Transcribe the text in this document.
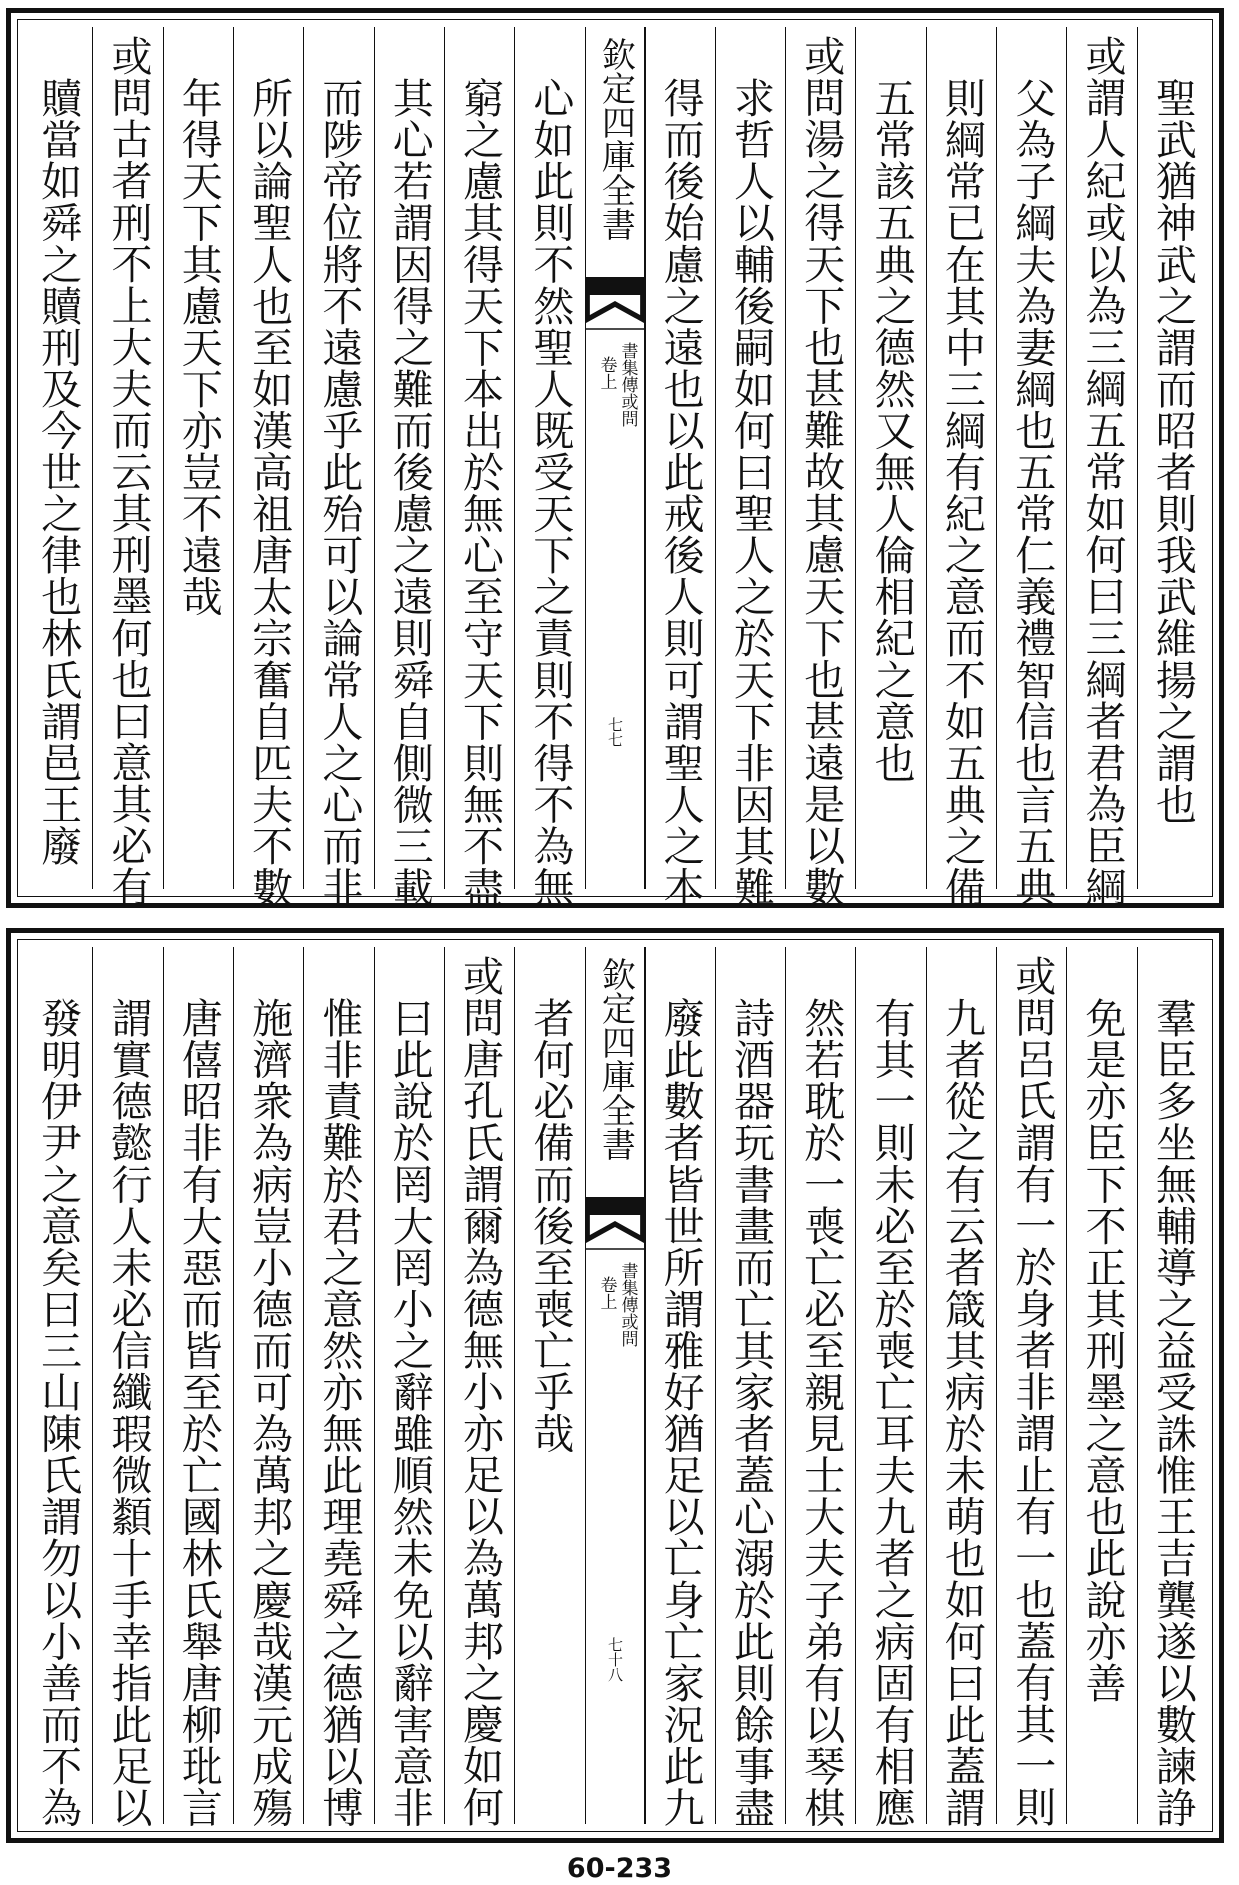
聖武猶神武之謂而昭者則我武維揚之謂也
或謂人紀或以為三綱五常如何曰三綱者君為臣綱
父為子綱夫為妻綱也五常仁義禮智信也言五典
則綱常已在其中三綱有紀之意而不如五典之備
五常該五典之德然又無人倫相紀之意也
或問湯之得天下也甚難故其慮天下也甚遠是以數
求哲人以輔後嗣如何曰聖人之於天下非因其難
得而後始慮之遠也以此戒後人則可謂聖人之本
欽定四庫全書
書集傳或問
卷上
七七
心如此則不然聖人既受天下之責則不得不為無
窮之慮其得天下本出於無心至守天下則無不盡
其心若謂因得之難而後慮之遠則舜自側微三載
而陟帝位將不遠慮乎此殆可以論常人之心而非
所以論聖人也至如漢高祖唐太宗奮自匹夫不數
年得天下其慮天下亦豈不遠哉
或問古者刑不上大夫而云其刑墨何也曰意其必有
贖當如舜之贖刑及今世之律也林氏謂邑王廢
羣臣多坐無輔導之益受誅惟王吉龔遂以數諫諍
免是亦臣下不正其刑墨之意也此說亦善
或問呂氏謂有一於身者非謂止有一也蓋有其一則
九者從之有云者箴其病於未萌也如何曰此蓋謂
有其一則未必至於喪亡耳夫九者之病固有相應
然若耽於一喪亡必至親見士大夫子弟有以琴棋
詩酒器玩書畫而亡其家者蓋心溺於此則餘事盡
廢此數者皆世所謂雅好猶足以亡身亡家況此九
欽定四庫全書
書集傳或問
卷上
七十八
者何必備而後至喪亡乎哉
或問唐孔氏謂爾為德無小亦足以為萬邦之慶如何
曰此說於罔大罔小之辭雖順然未免以辭害意非
惟非責難於君之意然亦無此理堯舜之德猶以博
施濟衆為病豈小德而可為萬邦之慶哉漢元成殤
唐僖昭非有大惡而皆至於亡國林氏舉唐柳玭言
謂實德懿行人未必信纖瑕微纇十手幸指此足以
發明伊尹之意矣曰三山陳氏謂勿以小善而不為
60-233
